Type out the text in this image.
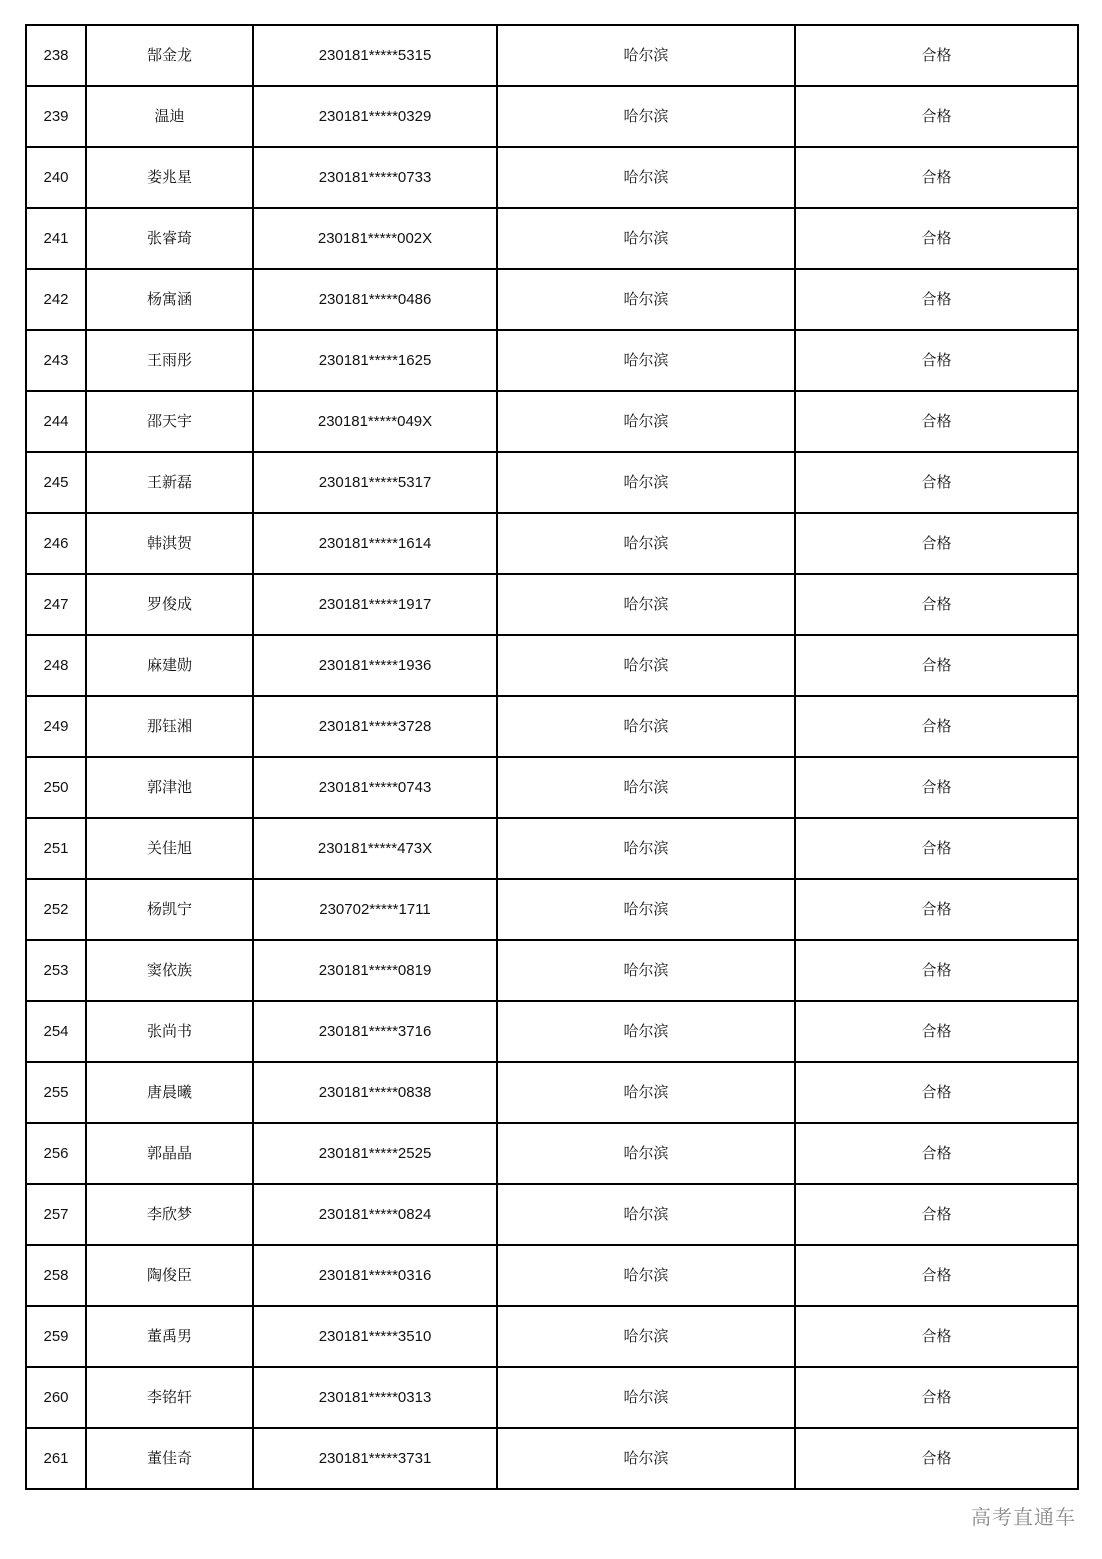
238	郜金龙	230181*****5315	哈尔滨	合格
239	温迪	230181*****0329	哈尔滨	合格
240	娄兆星	230181*****0733	哈尔滨	合格
241	张睿琦	230181*****002X	哈尔滨	合格
242	杨寓涵	230181*****0486	哈尔滨	合格
243	王雨彤	230181*****1625	哈尔滨	合格
244	邵天宇	230181*****049X	哈尔滨	合格
245	王新磊	230181*****5317	哈尔滨	合格
246	韩淇贺	230181*****1614	哈尔滨	合格
247	罗俊成	230181*****1917	哈尔滨	合格
248	麻建勋	230181*****1936	哈尔滨	合格
249	那钰湘	230181*****3728	哈尔滨	合格
250	郭津池	230181*****0743	哈尔滨	合格
251	关佳旭	230181*****473X	哈尔滨	合格
252	杨凯宁	230702*****1711	哈尔滨	合格
253	窦依族	230181*****0819	哈尔滨	合格
254	张尚书	230181*****3716	哈尔滨	合格
255	唐晨曦	230181*****0838	哈尔滨	合格
256	郭晶晶	230181*****2525	哈尔滨	合格
257	李欣梦	230181*****0824	哈尔滨	合格
258	陶俊臣	230181*****0316	哈尔滨	合格
259	董禹男	230181*****3510	哈尔滨	合格
260	李铭轩	230181*****0313	哈尔滨	合格
261	董佳奇	230181*****3731	哈尔滨	合格
高考直通车
